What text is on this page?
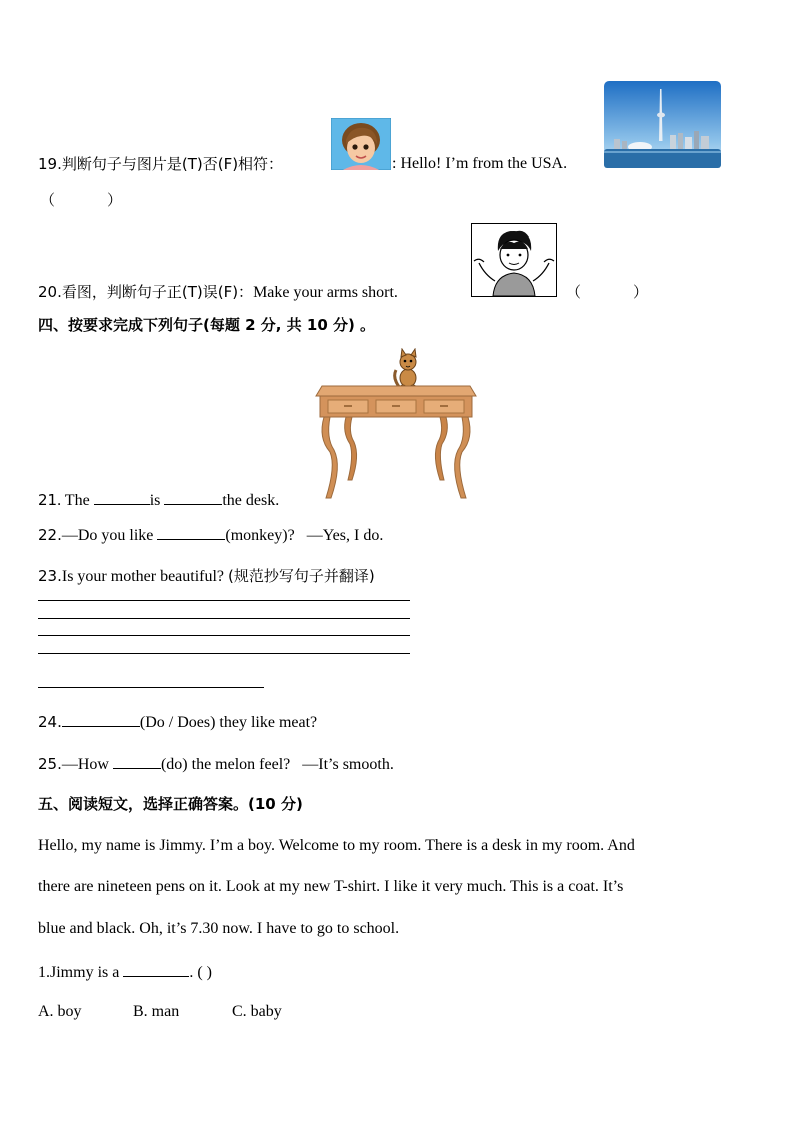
19.判断句子与图片是(T)否(F)相符：	: Hello! I’m from the USA.
（	）
20.看图，判断句子正(T)误(F)：Make your arms short.	（	）
四、按要求完成下列句子(每题 2 分, 共 10 分) 。
21. The	is	the desk.
22.—Do you like	(monkey)? —Yes, I do.
23.Is your mother beautiful? (规范抄写句子并翻译)
24.	(Do / Does) they like meat?
25.—How	(do) the melon feel? —It’s smooth.
五、阅读短文，选择正确答案。(10 分)
Hello, my name is Jimmy. I’m a boy. Welcome to my room. There is a desk in my room. And
there are nineteen pens on it. Look at my new T-shirt. I like it very much. This is a coat. It’s
blue and black. Oh, it’s 7.30 now. I have to go to school.
1.Jimmy is a	. ( )
A. boy	B. man	C. baby
